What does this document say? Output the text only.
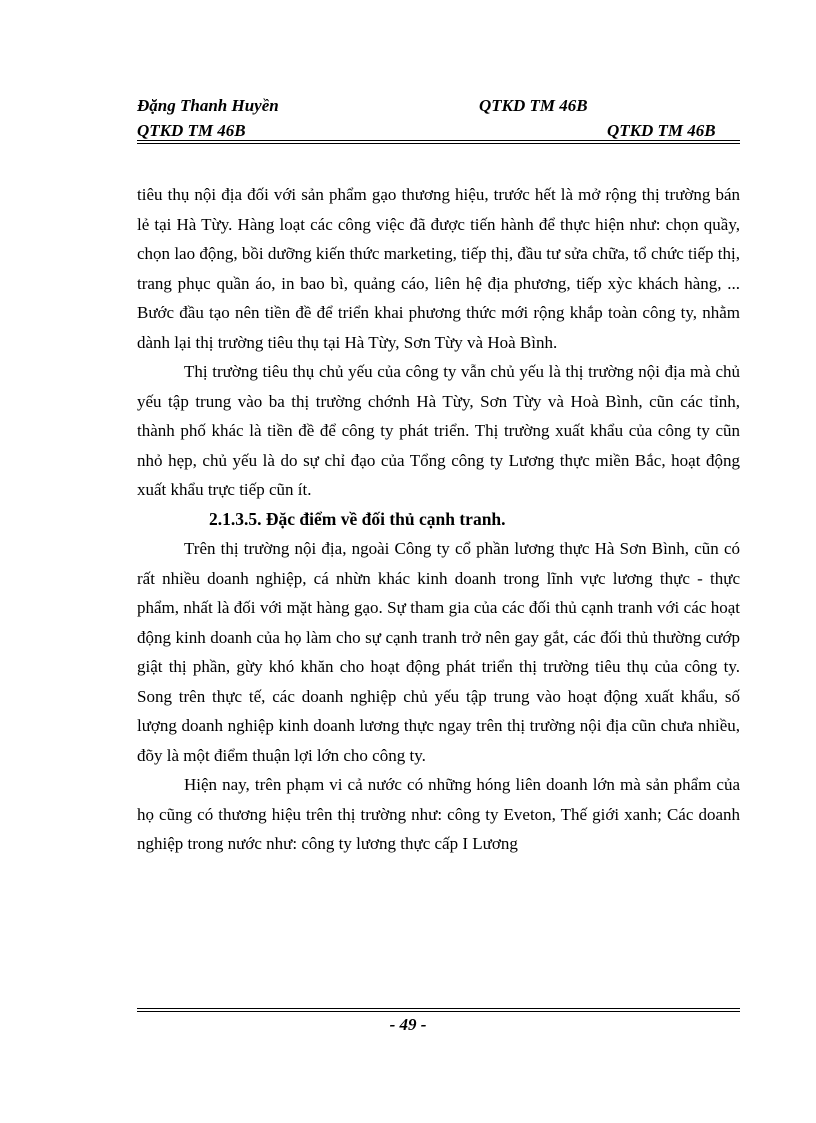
Đặng Thanh Huyền	QTKD TM 46B
QTKD TM 46B	QTKD TM 46B

tiêu thụ nội địa đối với sản phẩm gạo thương hiệu, trước hết là mở rộng thị trường bán lẻ tại Hà Từy. Hàng loạt các công việc đã được tiến hành để thực hiện như: chọn quầy, chọn lao động, bồi dưỡng kiến thức marketing, tiếp thị, đầu tư sửa chữa, tổ chức tiếp thị, trang phục quần áo, in bao bì, quảng cáo, liên hệ địa phương, tiếp xỳc khách hàng, ... Bước đầu tạo nên tiền đề để triển khai phương thức mới rộng khắp toàn công ty, nhằm dành lại thị trường tiêu thụ tại Hà Từy, Sơn Từy và Hoà Bình.

Thị trường tiêu thụ chủ yếu của công ty vẫn chủ yếu là thị trường nội địa mà chủ yếu tập trung vào ba thị trường chớnh Hà Từy, Sơn Từy và Hoà Bình, cũn các tỉnh, thành phố khác là tiền đề để công ty phát triển. Thị trường xuất khẩu của công ty cũn nhỏ hẹp, chủ yếu là do sự chỉ đạo của Tổng công ty Lương thực miền Bắc, hoạt động xuất khẩu trực tiếp cũn ít.

2.1.3.5. Đặc điểm về đối thủ cạnh tranh.

Trên thị trường nội địa, ngoài Công ty cổ phần lương thực Hà Sơn Bình, cũn có rất nhiều doanh nghiệp, cá nhừn khác kinh doanh trong lĩnh vực lương thực - thực phẩm, nhất là đối với mặt hàng gạo. Sự tham gia của các đối thủ cạnh tranh với các hoạt động kinh doanh của họ làm cho sự cạnh tranh trở nên gay gắt, các đối thủ thường cướp giật thị phần, gừy khó khăn cho hoạt động phát triển thị trường tiêu thụ của công ty. Song trên thực tế, các doanh nghiệp chủ yếu tập trung vào hoạt động xuất khẩu, số lượng doanh nghiệp kinh doanh lương thực ngay trên thị trường nội địa cũn chưa nhiều, đõy là một điểm thuận lợi lớn cho công ty.

Hiện nay, trên phạm vi cả nước có những hóng liên doanh lớn mà sản phẩm của họ cũng có thương hiệu trên thị trường như: công ty Eveton, Thế giới xanh; Các doanh nghiệp trong nước như: công ty lương thực cấp I Lương

- 49 -
